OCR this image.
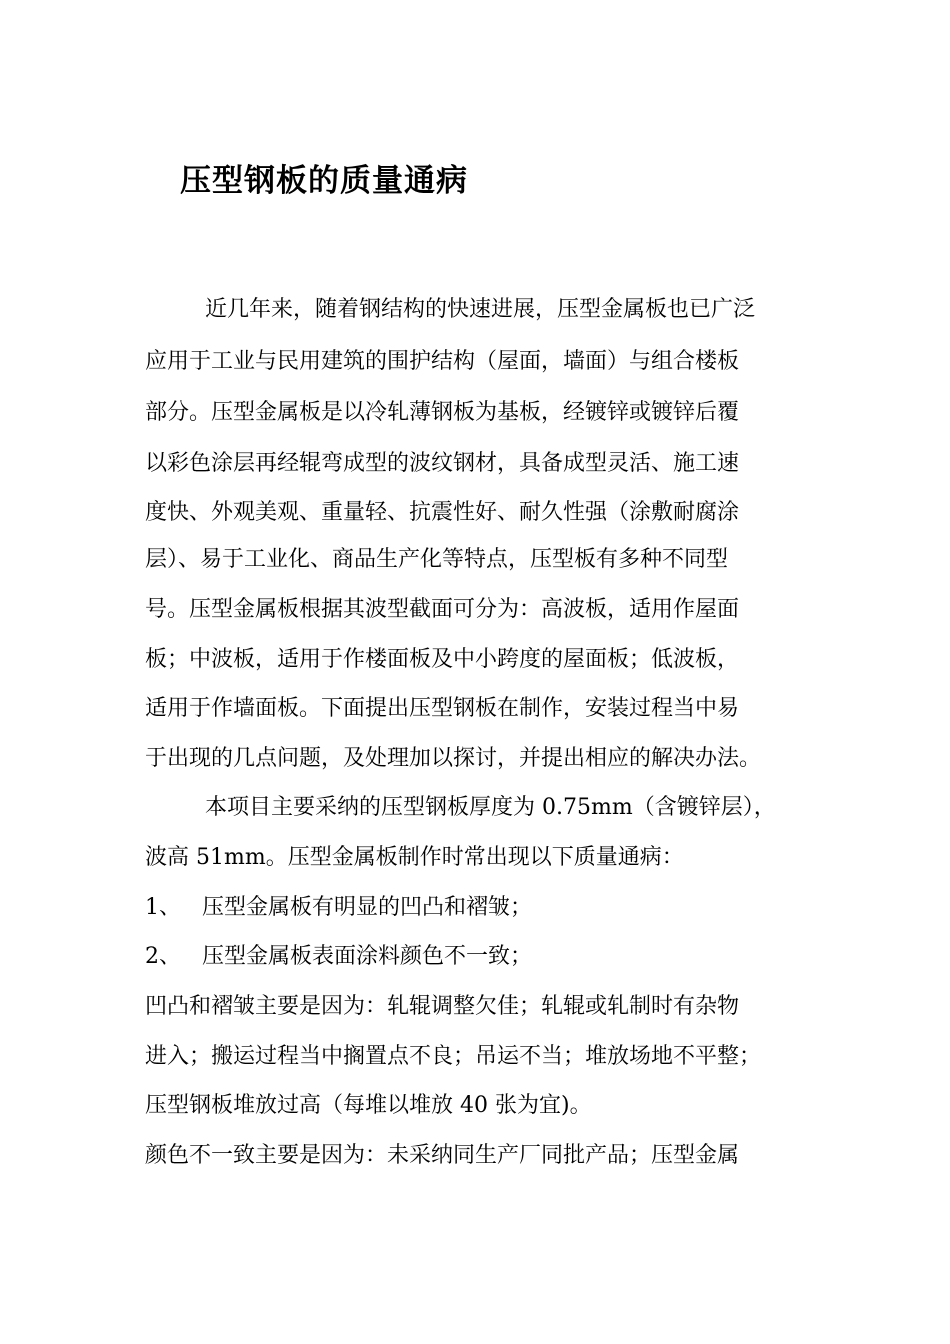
压型钢板的质量通病

近几年来，随着钢结构的快速进展，压型金属板也已广泛

应用于工业与民用建筑的围护结构（屋面，墙面）与组合楼板

部分。压型金属板是以冷轧薄钢板为基板，经镀锌或镀锌后覆

以彩色涂层再经辊弯成型的波纹钢材，具备成型灵活、施工速

度快、外观美观、重量轻、抗震性好、耐久性强（涂敷耐腐涂

层）、易于工业化、商品生产化等特点，压型板有多种不同型

号。压型金属板根据其波型截面可分为：高波板，适用作屋面

板；中波板，适用于作楼面板及中小跨度的屋面板；低波板，

适用于作墙面板。下面提出压型钢板在制作，安装过程当中易

于出现的几点问题，及处理加以探讨，并提出相应的解决办法。

本项目主要采纳的压型钢板厚度为 0.75mm（含镀锌层），

波高 51mm。压型金属板制作时常出现以下质量通病：

1、 压型金属板有明显的凹凸和褶皱；
2、 压型金属板表面涂料颜色不一致；

凹凸和褶皱主要是因为：轧辊调整欠佳；轧辊或轧制时有杂物

进入；搬运过程当中搁置点不良；吊运不当；堆放场地不平整；

压型钢板堆放过高（每堆以堆放 40 张为宜)。

颜色不一致主要是因为：未采纳同生产厂同批产品；压型金属
